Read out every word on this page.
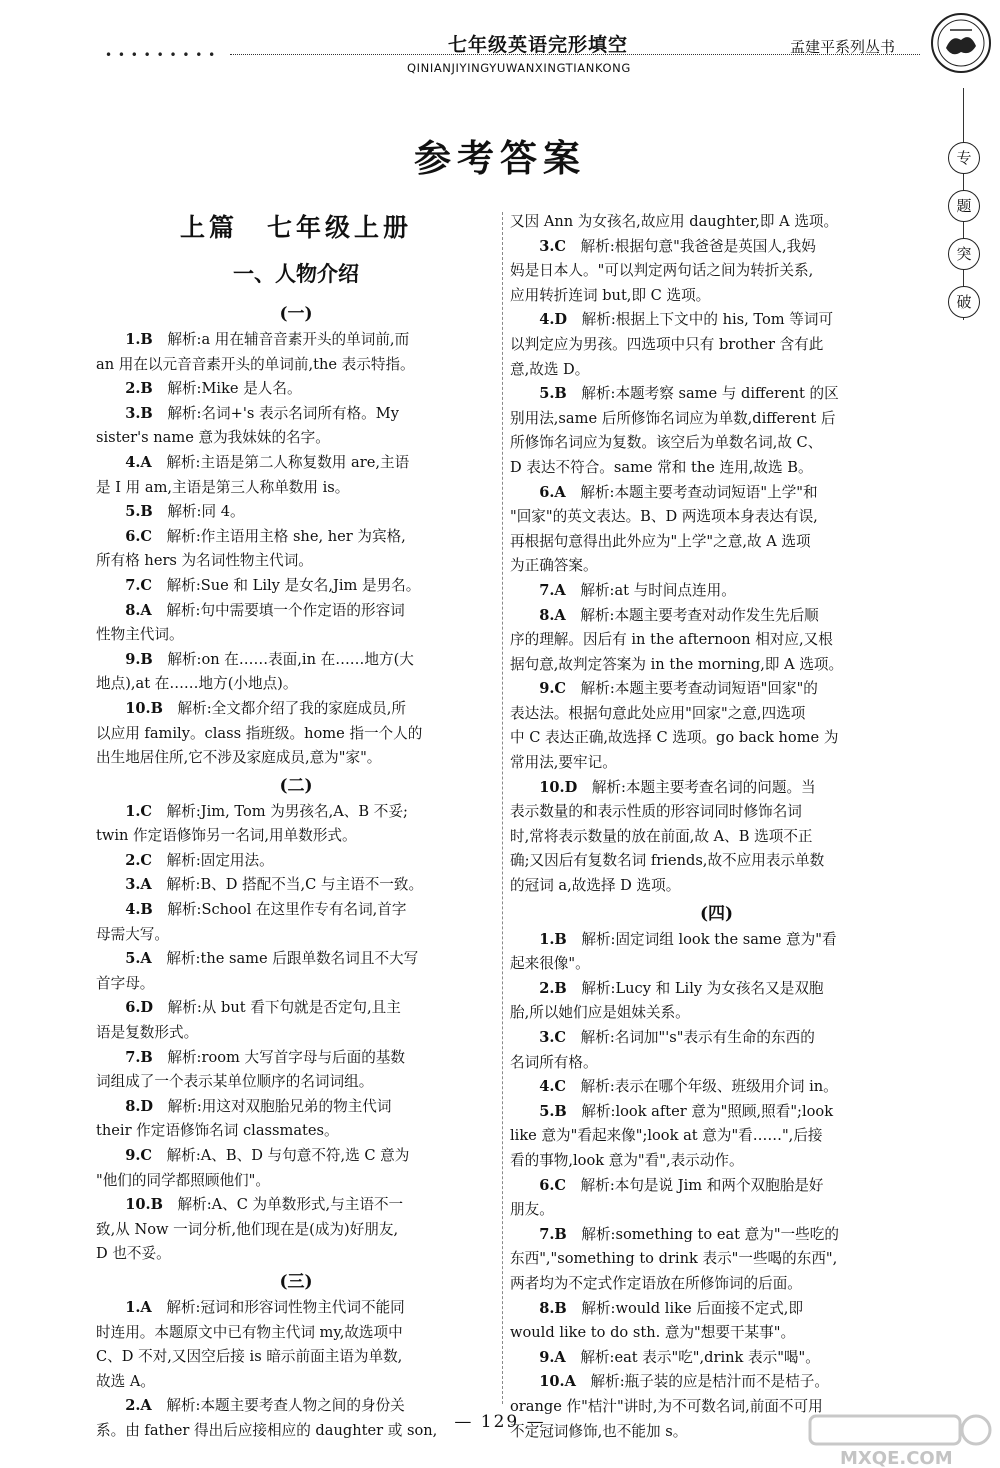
• • • • • • • • •	七年级英语完形填空
QINIANJIYINGYUWANXINGTIANKONG
孟建平系列丛书
专
题
突
破
参考答案
上篇　七年级上册
一、人物介绍
(一)

1.B  解析:a 用在辅音音素开头的单词前,而

an 用在以元音音素开头的单词前,the 表示特指。

2.B  解析:Mike 是人名。

3.B  解析:名词+'s 表示名词所有格。My

sister's name 意为我妹妹的名字。

4.A  解析:主语是第二人称复数用 are,主语

是 I 用 am,主语是第三人称单数用 is。

5.B  解析:同 4。

6.C  解析:作主语用主格 she, her 为宾格,

所有格 hers 为名词性物主代词。

7.C  解析:Sue 和 Lily 是女名,Jim 是男名。

8.A  解析:句中需要填一个作定语的形容词

性物主代词。

9.B  解析:on 在……表面,in 在……地方(大

地点),at 在……地方(小地点)。

10.B  解析:全文都介绍了我的家庭成员,所

以应用 family。class 指班级。home 指一个人的

出生地居住所,它不涉及家庭成员,意为"家"。

(二)

1.C  解析:Jim, Tom 为男孩名,A、B 不妥;

twin 作定语修饰另一名词,用单数形式。

2.C  解析:固定用法。

3.A  解析:B、D 搭配不当,C 与主语不一致。

4.B  解析:School 在这里作专有名词,首字

母需大写。

5.A  解析:the same 后跟单数名词且不大写

首字母。

6.D  解析:从 but 看下句就是否定句,且主

语是复数形式。

7.B  解析:room 大写首字母与后面的基数

词组成了一个表示某单位顺序的名词词组。

8.D  解析:用这对双胞胎兄弟的物主代词

their 作定语修饰名词 classmates。

9.C  解析:A、B、D 与句意不符,选 C 意为

"他们的同学都照顾他们"。

10.B  解析:A、C 为单数形式,与主语不一

致,从 Now 一词分析,他们现在是(成为)好朋友,

D 也不妥。

(三)

1.A  解析:冠词和形容词性物主代词不能同

时连用。本题原文中已有物主代词 my,故选项中

C、D 不对,又因空后接 is 暗示前面主语为单数,

故选 A。

2.A  解析:本题主要考查人物之间的身份关

系。由 father 得出后应接相应的 daughter 或 son,

又因 Ann 为女孩名,故应用 daughter,即 A 选项。

3.C  解析:根据句意"我爸爸是英国人,我妈

妈是日本人。"可以判定两句话之间为转折关系,

应用转折连词 but,即 C 选项。

4.D  解析:根据上下文中的 his, Tom 等词可

以判定应为男孩。四选项中只有 brother 含有此

意,故选 D。

5.B  解析:本题考察 same 与 different 的区

别用法,same 后所修饰名词应为单数,different 后

所修饰名词应为复数。该空后为单数名词,故 C、

D 表达不符合。same 常和 the 连用,故选 B。

6.A  解析:本题主要考查动词短语"上学"和

"回家"的英文表达。B、D 两选项本身表达有误,

再根据句意得出此外应为"上学"之意,故 A 选项

为正确答案。

7.A  解析:at 与时间点连用。

8.A  解析:本题主要考查对动作发生先后顺

序的理解。因后有 in the afternoon 相对应,又根

据句意,故判定答案为 in the morning,即 A 选项。

9.C  解析:本题主要考查动词短语"回家"的

表达法。根据句意此处应用"回家"之意,四选项

中 C 表达正确,故选择 C 选项。go back home 为

常用法,要牢记。

10.D  解析:本题主要考查名词的问题。当

表示数量的和表示性质的形容词同时修饰名词

时,常将表示数量的放在前面,故 A、B 选项不正

确;又因后有复数名词 friends,故不应用表示单数

的冠词 a,故选择 D 选项。

(四)

1.B  解析:固定词组 look the same 意为"看

起来很像"。

2.B  解析:Lucy 和 Lily 为女孩名又是双胞

胎,所以她们应是姐妹关系。

3.C  解析:名词加"'s"表示有生命的东西的

名词所有格。

4.C  解析:表示在哪个年级、班级用介词 in。

5.B  解析:look after 意为"照顾,照看";look

like 意为"看起来像";look at 意为"看……",后接

看的事物,look 意为"看",表示动作。

6.C  解析:本句是说 Jim 和两个双胞胎是好

朋友。

7.B  解析:something to eat 意为"一些吃的

东西","something to drink 表示"一些喝的东西",

两者均为不定式作定语放在所修饰词的后面。

8.B  解析:would like 后面接不定式,即

would like to do sth. 意为"想要干某事"。

9.A  解析:eat 表示"吃",drink 表示"喝"。

10.A  解析:瓶子装的应是桔汁而不是桔子。

orange 作"桔汁"讲时,为不可数名词,前面不可用

不定冠词修饰,也不能加 s。

— 129 —
MXQE.COM
